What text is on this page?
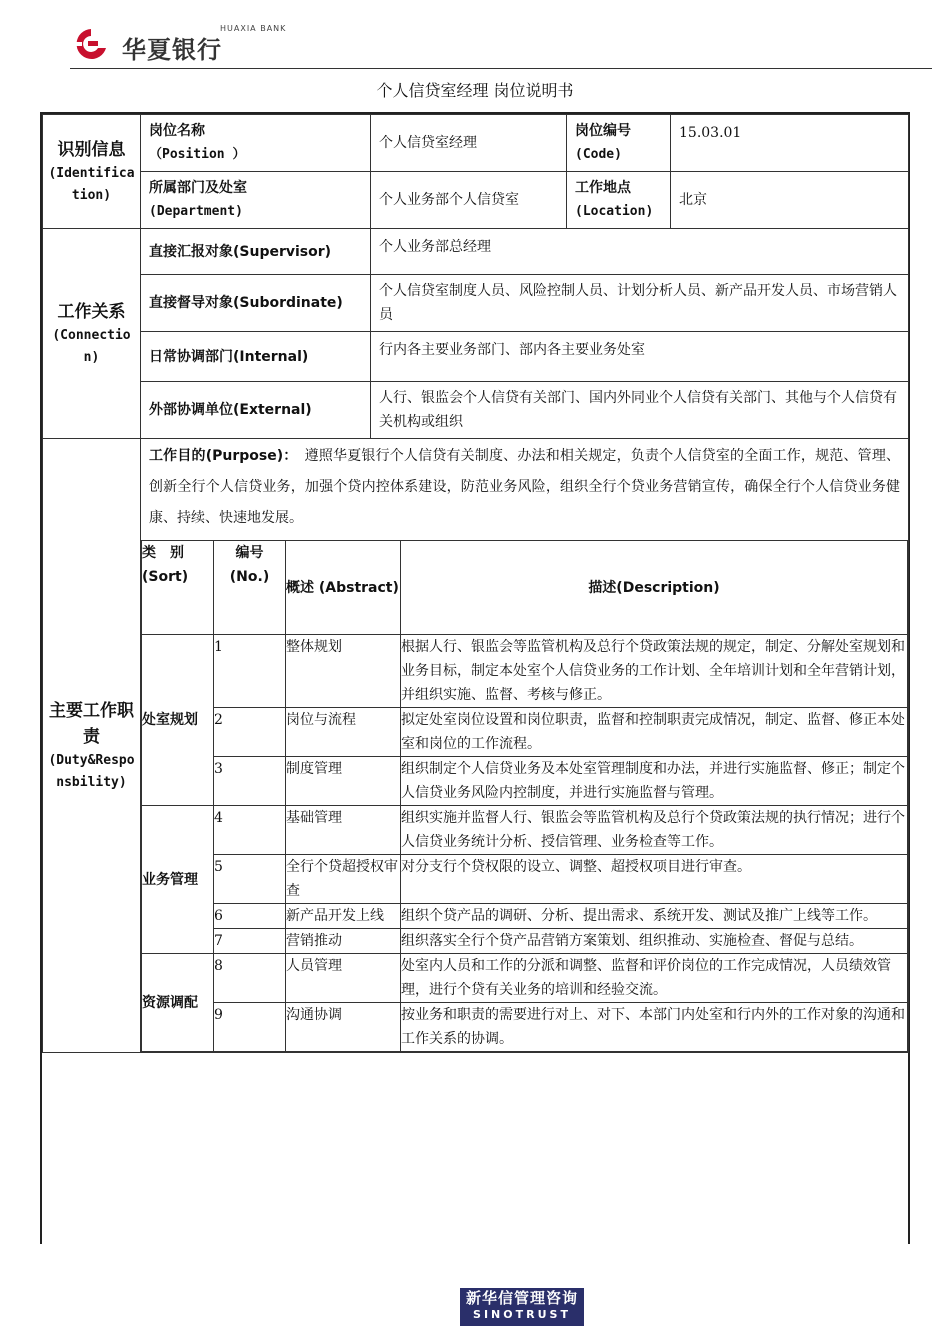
HUAXIA BANK
华夏银行
个人信贷室经理 岗位说明书
识别信息
(Identification)

岗位名称
（Position ）
	个人信贷室经理	
岗位编号
(Code)
	15.03.01

所属部门及处室
(Department)
	个人业务部个人信贷室	
工作地点
(Location)
	北京

工作关系
(Connection)
	直接汇报对象(Supervisor)	个人业务部总经理
直接督导对象(Subordinate)	个人信贷室制度人员、风险控制人员、计划分析人员、新产品开发人员、市场营销人员
日常协调部门(Internal)	行内各主要业务部门、部内各主要业务处室
外部协调单位(External)	人行、银监会个人信贷有关部门、国内外同业个人信贷有关部门、其他与个人信贷有关机构或组织

主要工作职责
(Duty&Responsbility)

工作目的(Purpose)：　 遵照华夏银行个人信贷有关制度、办法和相关规定，负责个人信贷室的全面工作，规范、管理、创新全行个人信贷业务，加强个贷内控体系建设，防范业务风险，组织全行个贷业务营销宣传，确保全行个人信贷业务健康、持续、快速地发展。
类　别 (Sort)	编号 (No.)	概述 (Abstract)	描述(Description)
处室规划	1	整体规划	根据人行、银监会等监管机构及总行个贷政策法规的规定，制定、分解处室规划和业务目标，制定本处室个人信贷业务的工作计划、全年培训计划和全年营销计划，并组织实施、监督、考核与修正。
2	岗位与流程	拟定处室岗位设置和岗位职责，监督和控制职责完成情况，制定、监督、修正本处室和岗位的工作流程。
3	制度管理	组织制定个人信贷业务及本处室管理制度和办法，并进行实施监督、修正；制定个人信贷业务风险内控制度，并进行实施监督与管理。
业务管理	4	基础管理	组织实施并监督人行、银监会等监管机构及总行个贷政策法规的执行情况；进行个人信贷业务统计分析、授信管理、业务检查等工作。
5	全行个贷超授权审查	对分支行个贷权限的设立、调整、超授权项目进行审查。
6	新产品开发上线	组织个贷产品的调研、分析、提出需求、系统开发、测试及推广上线等工作。
7	营销推动	组织落实全行个贷产品营销方案策划、组织推动、实施检查、督促与总结。
资源调配	8	人员管理	处室内人员和工作的分派和调整、监督和评价岗位的工作完成情况，人员绩效管理，进行个贷有关业务的培训和经验交流。
9	沟通协调	按业务和职责的需要进行对上、对下、本部门内处室和行内外的工作对象的沟通和工作关系的协调。
新华信管理咨询
SINOTRUST
